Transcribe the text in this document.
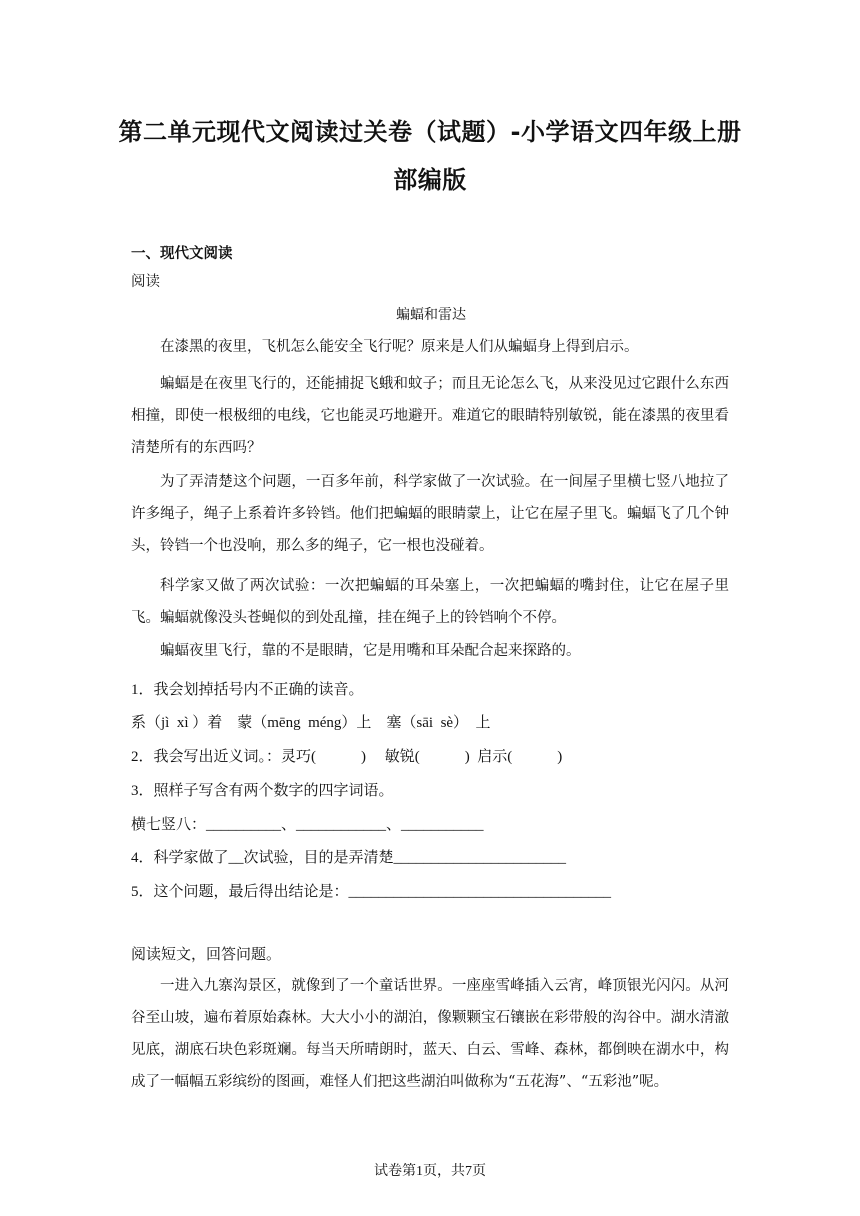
第二单元现代文阅读过关卷（试题）-小学语文四年级上册部编版
一、现代文阅读
阅读
蝙蝠和雷达
在漆黑的夜里，飞机怎么能安全飞行呢？原来是人们从蝙蝠身上得到启示。
蝙蝠是在夜里飞行的，还能捕捉飞蛾和蚊子；而且无论怎么飞，从来没见过它跟什么东西相撞，即使一根极细的电线，它也能灵巧地避开。难道它的眼睛特别敏锐，能在漆黑的夜里看清楚所有的东西吗？
为了弄清楚这个问题，一百多年前，科学家做了一次试验。在一间屋子里横七竖八地拉了许多绳子，绳子上系着许多铃铛。他们把蝙蝠的眼睛蒙上，让它在屋子里飞。蝙蝠飞了几个钟头，铃铛一个也没响，那么多的绳子，它一根也没碰着。
科学家又做了两次试验：一次把蝙蝠的耳朵塞上，一次把蝙蝠的嘴封住，让它在屋子里飞。蝙蝠就像没头苍蝇似的到处乱撞，挂在绳子上的铃铛响个不停。
蝙蝠夜里飞行，靠的不是眼睛，它是用嘴和耳朵配合起来探路的。
1．我会划掉括号内不正确的读音。
系（jì  xì ）着    蒙（mēng  méng）上    塞（sāi  sè）  上
2．我会写出近义词。：灵巧(            )     敏锐(            )  启示(            )
3．照样子写含有两个数字的四字词语。
横七竖八：__________、____________、___________
4．科学家做了__次试验，目的是弄清楚_______________________
5．这个问题，最后得出结论是：___________________________________
阅读短文，回答问题。
一进入九寨沟景区，就像到了一个童话世界。一座座雪峰插入云宵，峰顶银光闪闪。从河谷至山坡，遍布着原始森林。大大小小的湖泊，像颗颗宝石镶嵌在彩带般的沟谷中。湖水清澈见底，湖底石块色彩斑斓。每当天所晴朗时，蓝天、白云、雪峰、森林，都倒映在湖水中，构成了一幅幅五彩缤纷的图画，难怪人们把这些湖泊叫做称为“五花海”、“五彩池”呢。
试卷第1页，共7页
